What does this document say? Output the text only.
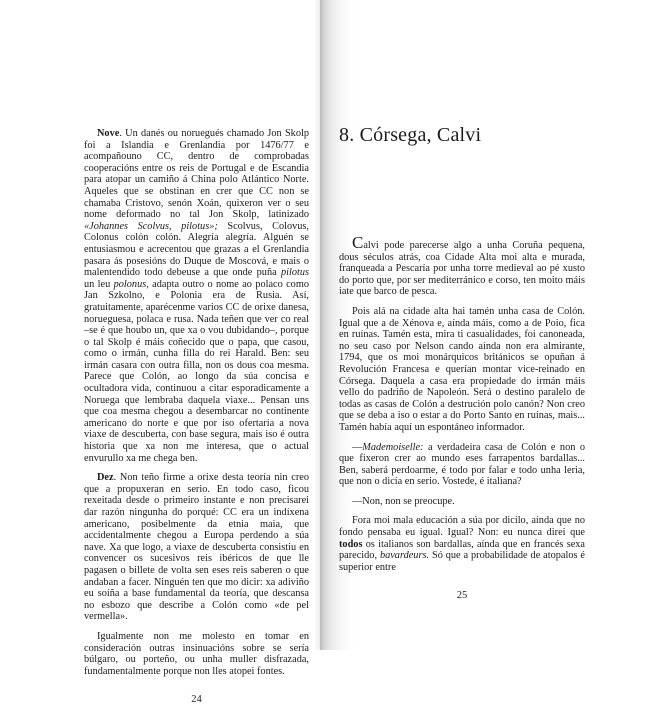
Nove. Un danés ou noruegués chamado Jon Skolp foi a Islandia e Grenlandia por 1476/77 e acompañouno CC, dentro de comprobadas cooperacións entre os reis de Portugal e de Escandia para atopar un camiño á China polo Atlántico Norte. Aqueles que se obstinan en crer que CC non se chamaba Cristovo, senón Xoán, quixeron ver o seu nome deformado no tal Jon Skolp, latinizado «Johannes Scolvus, pilotus»; Scolvus, Colovus, Colonus colón colón. Alegría alegría. Alguén se entusiasmou e acrecentou que grazas a el Grenlandia pasara ás posesións do Duque de Moscová, e mais o malentendido todo debeuse a que onde puña pilotus un leu polonus, adapta outro o nome ao polaco como Jan Szkolno, e Polonia era de Rusia. Así, gratuitamente, aparécenme varios CC de orixe danesa, norueguesa, polaca e rusa. Nada teñen que ver co real –se é que houbo un, que xa o vou dubidando–, porque o tal Skolp é máis coñecido que o papa, que casou, como o irmán, cunha filla do rei Harald. Ben: seu irmán casara con outra filla, non os dous coa mesma. Parece que Colón, ao longo da súa concisa e ocultadora vida, continuou a citar esporadicamente a Noruega que lembraba daquela viaxe... Pensan uns que coa mesma chegou a desembarcar no continente americano do norte e que por iso ofertaría a nova viaxe de descuberta, con base segura, mais iso é outra historia que xa non me interesa, que o actual envurullo xa me chega ben.

Dez. Non teño firme a orixe desta teoría nin creo que a propuxeran en serio. En todo caso, ficou rexeitada desde o primeiro instante e non precisarei dar razón ningunha do porqué: CC era un indíxena americano, posibelmente da etnia maia, que accidentalmente chegou a Europa perdendo a súa nave. Xa que logo, a viaxe de descuberta consistiu en convencer os sucesivos reis ibéricos de que lle pagasen o billete de volta sen eses reis saberen o que andaban a facer. Ninguén ten que mo dicir: xa adiviño eu soíña a base fundamental da teoría, que descansa no esbozo que describe a Colón como «de pel vermella».

Igualmente non me molesto en tomar en consideración outras insinuacións sobre se sería búlgaro, ou porteño, ou unha muller disfrazada, fundamentalmente porque non lles atopei fontes.

24
8. Córsega, Calvi

Calvi pode parecerse algo a unha Coruña pequena, dous séculos atrás, coa Cidade Alta moi alta e murada, franqueada a Pescaría por unha torre medieval ao pé xusto do porto que, por ser mediterránico e corso, ten moito máis iate que barco de pesca.

Pois alá na cidade alta hai tamén unha casa de Colón. Igual que a de Xénova e, aínda máis, como a de Poio, fica en ruínas. Tamén esta, mira ti casualidades, foi canoneada, no seu caso por Nelson cando aínda non era almirante, 1794, que os moi monárquicos británicos se opuñan á Revolución Francesa e querían montar vice-reinado en Córsega. Daquela a casa era propiedade do irmán máis vello do padriño de Napoleón. Será o destino paralelo de todas as casas de Colón a destrución polo canón? Non creo que se deba a iso o estar a do Porto Santo en ruínas, mais... Tamén había aquí un espontáneo informador.

—Mademoiselle: a verdadeira casa de Colón e non o que fixeron crer ao mundo eses farrapentos bardallas... Ben, saberá perdoarme, é todo por falar e todo unha leria, que non o dicía en serio. Vostede, é italiana?

—Non, non se preocupe.

Fora moi mala educación a súa por dicilo, aínda que no fondo pensaba eu igual. Igual? Non: eu nunca direi que todos os italianos son bardallas, aínda que en francés sexa parecido, bavardeurs. Só que a probabilidade de atopalos é superior entre

25
